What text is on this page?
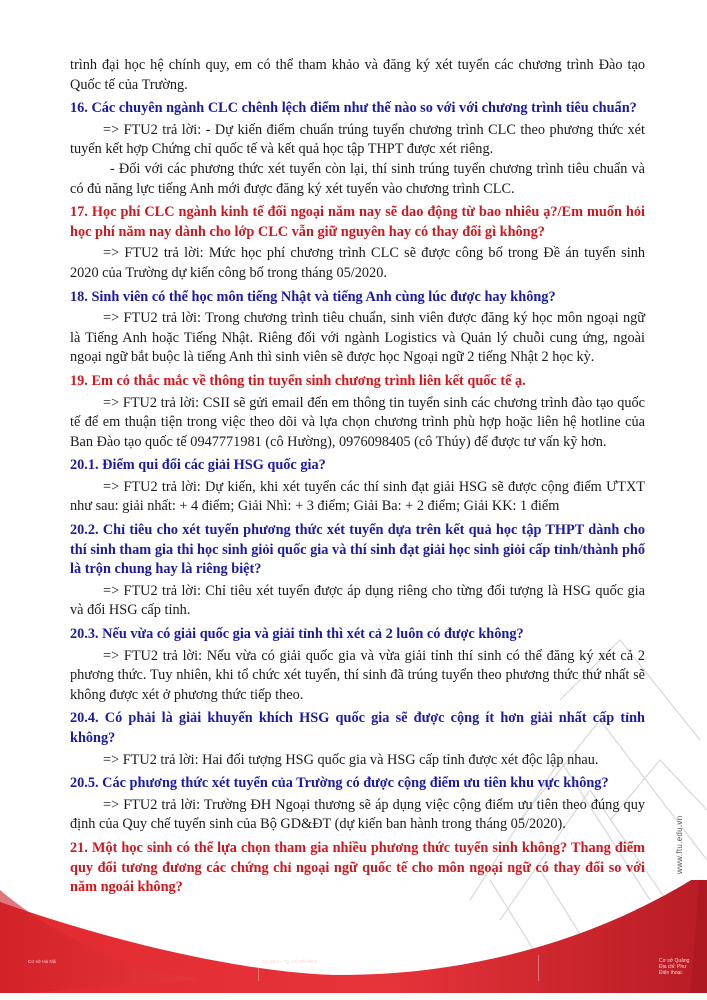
trình đại học hệ chính quy, em có thể tham khảo và đăng ký xét tuyển các chương trình Đào tạo Quốc tế của Trường.

16. Các chuyên ngành CLC chênh lệch điểm như thế nào so với với chương trình tiêu chuẩn?

=> FTU2 trả lời: - Dự kiến điểm chuẩn trúng tuyển chương trình CLC theo phương thức xét tuyển kết hợp Chứng chỉ quốc tế và kết quả học tập THPT được xét riêng.

- Đối với các phương thức xét tuyển còn lại, thí sinh trúng tuyển chương trình tiêu chuẩn và có đủ năng lực tiếng Anh mới được đăng ký xét tuyển vào chương trình CLC.

17. Học phí CLC ngành kinh tế đối ngoại năm nay sẽ dao động từ bao nhiêu ạ?/Em muốn hỏi học phí năm nay dành cho lớp CLC vẫn giữ nguyên hay có thay đổi gì không?

=> FTU2 trả lời: Mức học phí chương trình CLC sẽ được công bố trong Đề án tuyển sinh 2020 của Trường dự kiến công bố trong tháng 05/2020.

18. Sinh viên có thể học môn tiếng Nhật và tiếng Anh cùng lúc được hay không?

=> FTU2 trả lời: Trong chương trình tiêu chuẩn, sinh viên được đăng ký học môn ngoại ngữ là Tiếng Anh hoặc Tiếng Nhật. Riêng đối với ngành Logistics và Quản lý chuỗi cung ứng, ngoài ngoại ngữ bắt buộc là tiếng Anh thì sinh viên sẽ được học Ngoại ngữ 2 tiếng Nhật 2 học kỳ.

19. Em có thắc mắc về thông tin tuyển sinh chương trình liên kết quốc tế ạ.

=> FTU2 trả lời: CSII sẽ gửi email đến em thông tin tuyển sinh các chương trình đào tạo quốc tế để em thuận tiện trong việc theo dõi và lựa chọn chương trình phù hợp hoặc liên hệ hotline của Ban Đào tạo quốc tế 0947771981 (cô Hường), 0976098405 (cô Thúy) để được tư vấn kỹ hơn.

20.1. Điểm qui đổi các giải HSG quốc gia?

=> FTU2 trả lời: Dự kiến, khi xét tuyển các thí sinh đạt giải HSG sẽ được cộng điểm ƯTXT như sau: giải nhất: + 4 điểm; Giải Nhì: + 3 điểm; Giải Ba: + 2 điểm; Giải KK: 1 điểm

20.2. Chỉ tiêu cho xét tuyển phương thức xét tuyển dựa trên kết quả học tập THPT dành cho thí sinh tham gia thi học sinh giỏi quốc gia và thí sinh đạt giải học sinh giỏi cấp tỉnh/thành phố là trộn chung hay là riêng biệt?

=> FTU2 trả lời: Chỉ tiêu xét tuyển được áp dụng riêng cho từng đối tượng là HSG quốc gia và đối HSG cấp tỉnh.

20.3. Nếu vừa có giải quốc gia và giải tỉnh thì xét cả 2 luôn có được không?

=> FTU2 trả lời: Nếu vừa có giải quốc gia và vừa giải tỉnh thí sinh có thể đăng ký xét cả 2 phương thức. Tuy nhiên, khi tổ chức xét tuyển, thí sinh đã trúng tuyển theo phương thức thứ nhất sẽ không được xét ở phương thức tiếp theo.

20.4. Có phải là giải khuyến khích HSG quốc gia sẽ được cộng ít hơn giải nhất cấp tỉnh không?

=> FTU2 trả lời: Hai đối tượng HSG quốc gia và HSG cấp tỉnh được xét độc lập nhau.

20.5. Các phương thức xét tuyển của Trường có được cộng điểm ưu tiên khu vực không?

=> FTU2 trả lời: Trường ĐH Ngoại thương sẽ áp dụng việc cộng điểm ưu tiên theo đúng quy định của Quy chế tuyển sinh của Bộ GD&ĐT (dự kiến ban hành trong tháng 05/2020).

21. Một học sinh có thể lựa chọn tham gia nhiều phương thức tuyển sinh không? Thang điểm quy đổi tương đương các chứng chỉ ngoại ngữ quốc tế cho môn ngoại ngữ có thay đổi so với năm ngoái không?

www.ftu.edu.vn
Cơ sở Hà Nội	Cơ sở II – Tp. Hồ Chí Minh	Cơ sở Quảng
Địa chỉ: Phư
Điện thoại:
